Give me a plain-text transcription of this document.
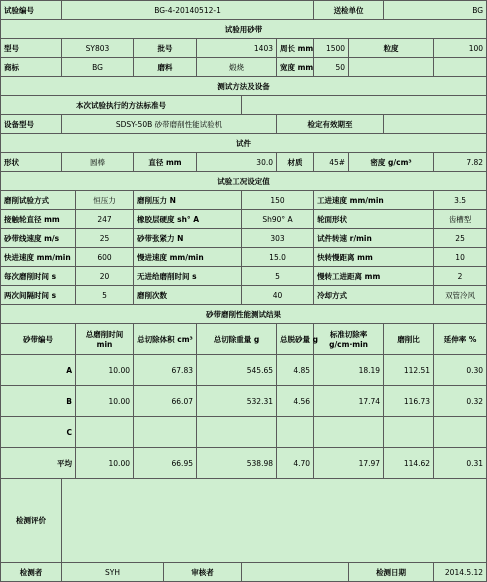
试验编号	BG-4-20140512-1							送检单位		BG	
试验用砂带											
型号	SY803		批号		1403		周长 mm	1500	粒度		100
商标	BG		磨料		煅烧		宽度 mm	50			
测试方法及设备											
本次试验执行的方法标准号											
设备型号	SDSY-50B 砂带磨削性能试验机						检定有效期至				
试件											
形状	圆棒		直径 mm		30.0		材质	45#	密度 g/cm³		7.82
试验工况设定值											
磨削试验方式		恒压力	磨削压力 N			150		工进速度 mm/min			3.5
接触轮直径 mm		247	橡胶层硬度 sh° A			Sh90° A		轮面形状			齿槽型
砂带线速度 m/s		25	砂带张紧力 N			303		试件转速 r/min			25
快进速度 mm/min		600	慢进速度 mm/min			15.0		快转慢距离 mm			10
每次磨削时间 s		20	无进给磨削时间 s			5		慢转工进距离 mm			2
两次间隔时间 s		5	磨削次数			40		冷却方式			双管冷风
砂带磨削性能测试结果											
砂带编号		总磨削时间 min	总切除体积 cm³		总切除重量 g		总脱砂量 g	标准切除率 g/cm·min		磨削比	延伸率 %
A		10.00	67.83		545.65		4.85	18.19		112.51	0.30
B		10.00	66.07		532.31		4.56	17.74		116.73	0.32
C											
平均		10.00	66.95		538.98		4.70	17.97		114.62	0.31
检测评价											
检测者	SYH			审核者					检测日期		2014.5.12
